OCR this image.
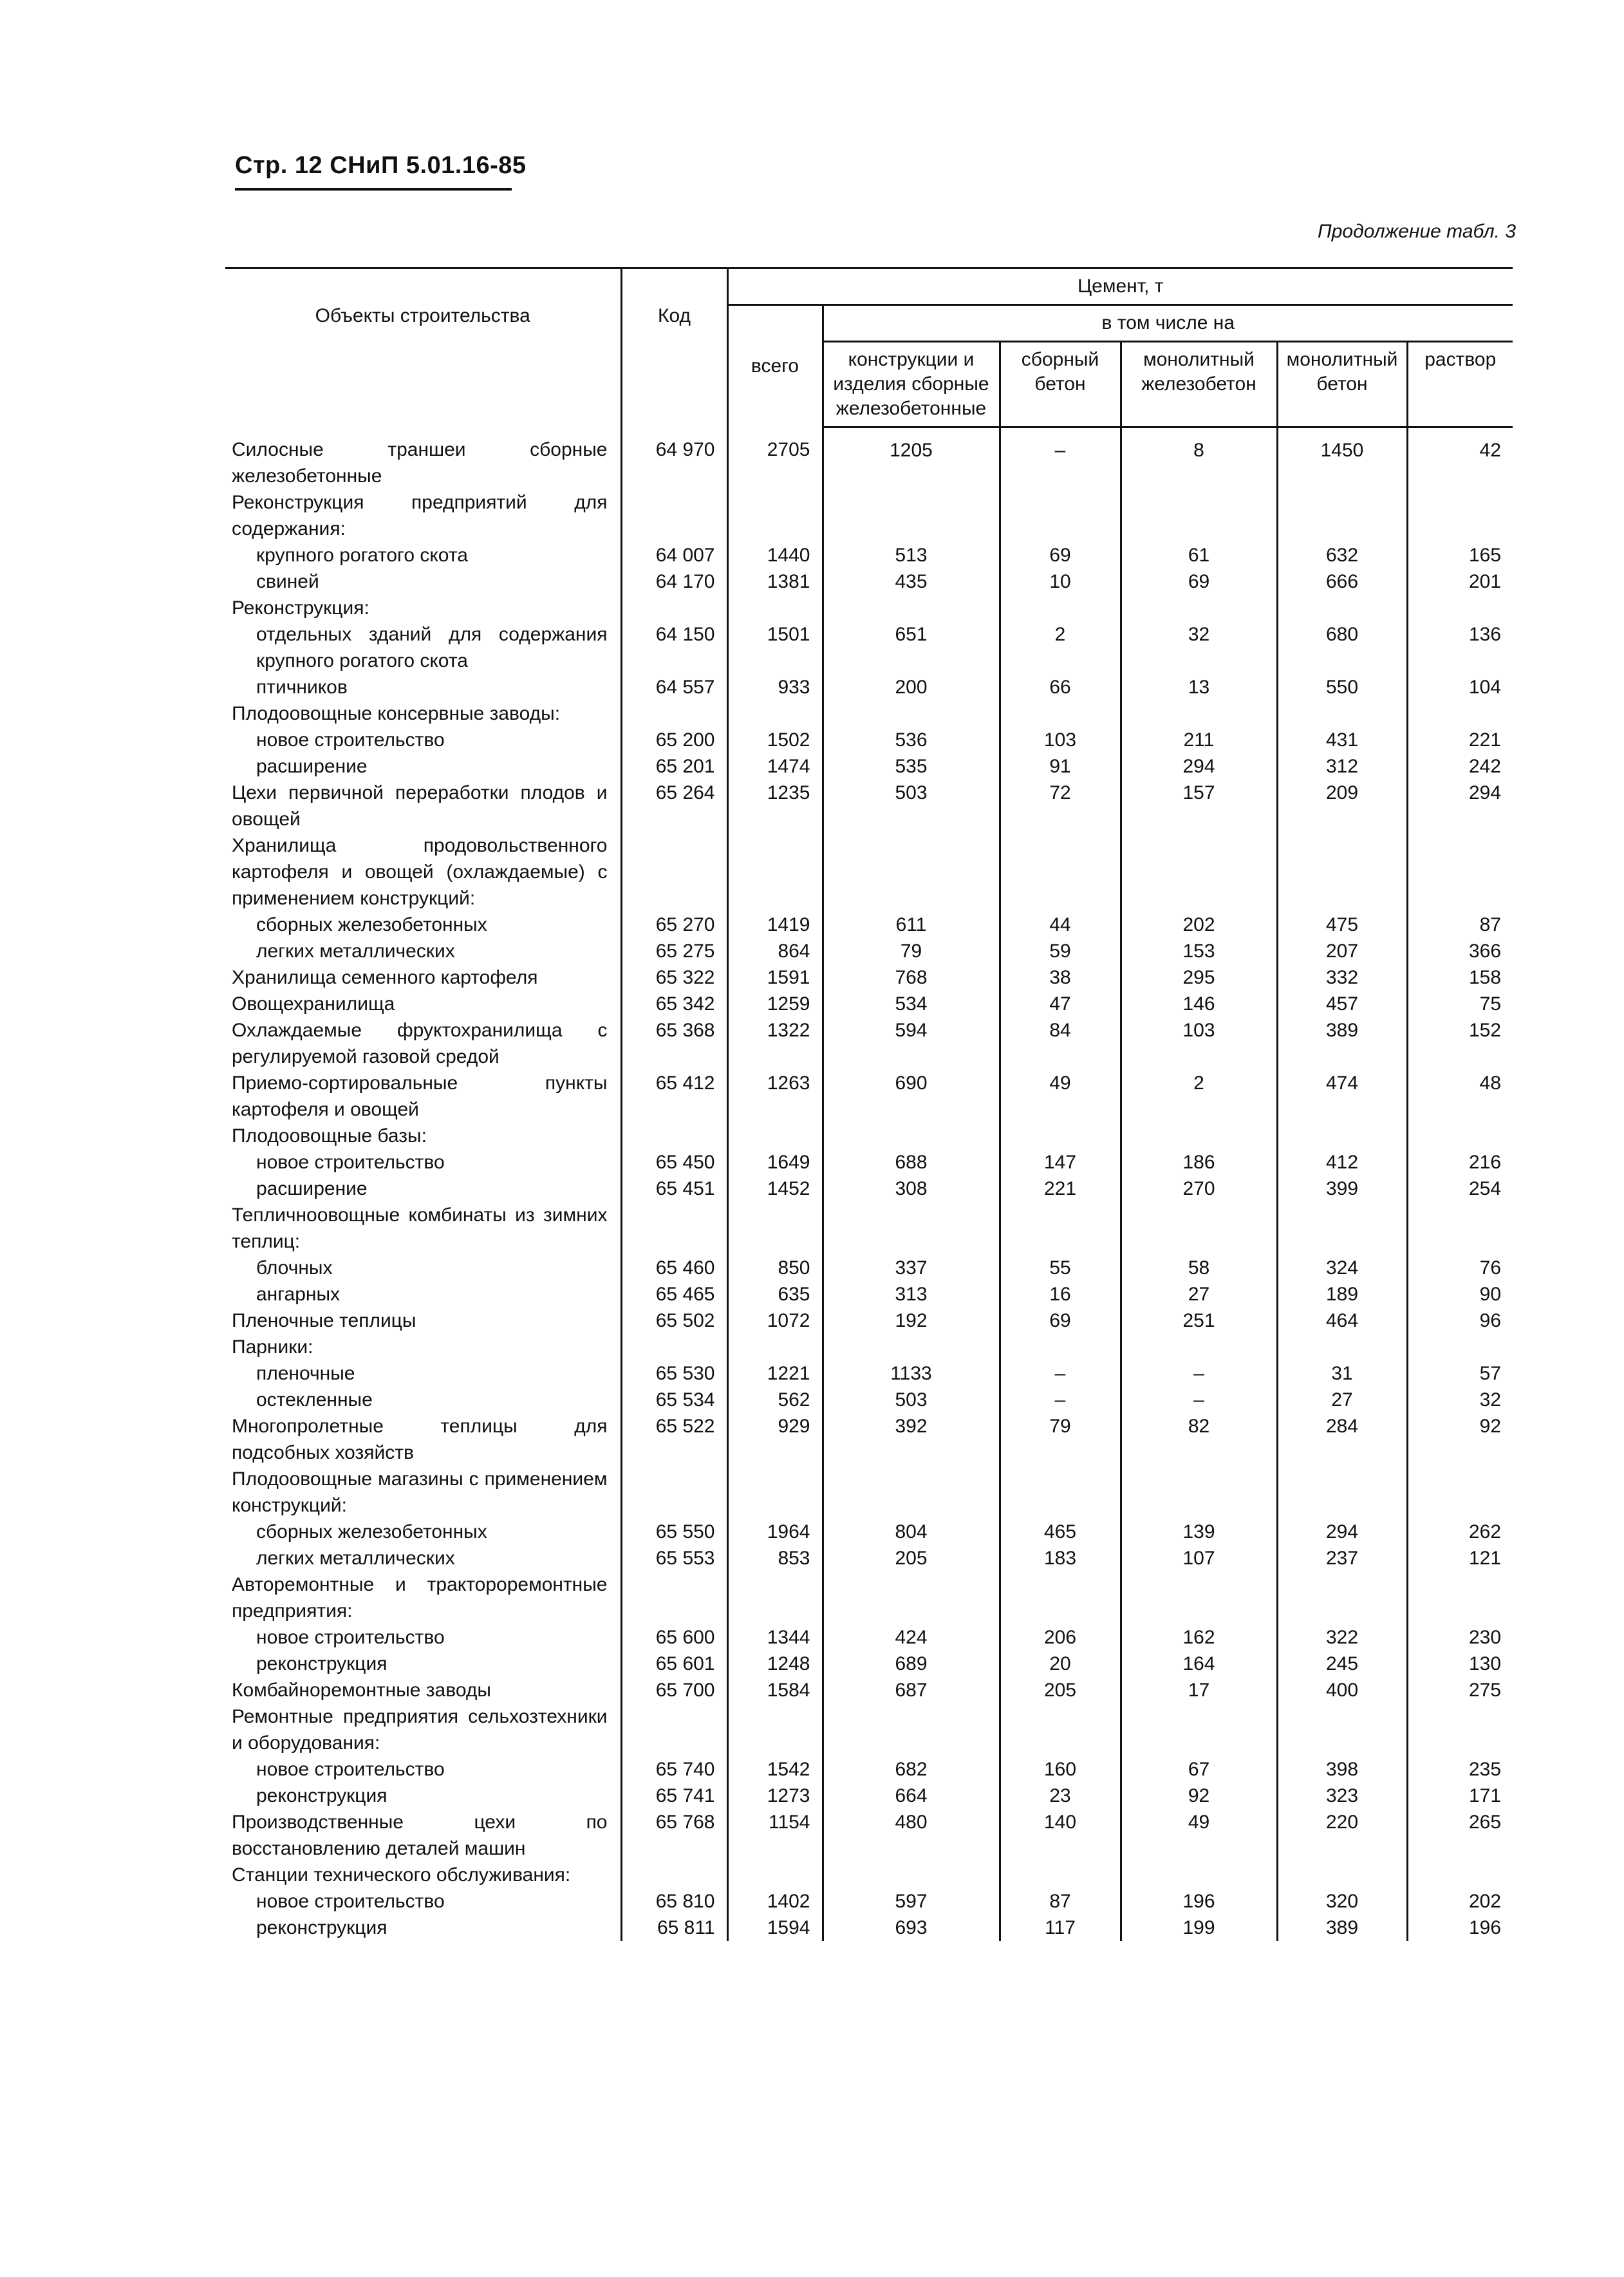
Стр. 12 СНиП 5.01.16-85
Продолжение табл. 3
Объекты строительства	Код	Цемент, т					
		всего	в том числе на				
			конструкции и изделия сборные железобетонные	сборный бетон	монолитный железобетон	монолитный бетон	раствор
Силосные траншеи сборные железобетонные	64 970	2705	1205	–	8	1450	42
Реконструкция предприятий для содержания:							
крупного рогатого скота	64 007	1440	513	69	61	632	165
свиней	64 170	1381	435	10	69	666	201
Реконструкция:							
отдельных зданий для содержания крупного рогатого скота	64 150	1501	651	2	32	680	136
птичников	64 557	933	200	66	13	550	104
Плодоовощные консервные заводы:							
новое строительство	65 200	1502	536	103	211	431	221
расширение	65 201	1474	535	91	294	312	242
Цехи первичной переработки плодов и овощей	65 264	1235	503	72	157	209	294
Хранилища продовольственного картофеля и овощей (охлаждаемые) с применением конструкций:							
сборных железобетонных	65 270	1419	611	44	202	475	87
легких металлических	65 275	864	79	59	153	207	366
Хранилища семенного картофеля	65 322	1591	768	38	295	332	158
Овощехранилища	65 342	1259	534	47	146	457	75
Охлаждаемые фруктохранилища с регулируемой газовой средой	65 368	1322	594	84	103	389	152
Приемо-сортировальные пункты картофеля и овощей	65 412	1263	690	49	2	474	48
Плодоовощные базы:							
новое строительство	65 450	1649	688	147	186	412	216
расширение	65 451	1452	308	221	270	399	254
Тепличноовощные комбинаты из зимних теплиц:							
блочных	65 460	850	337	55	58	324	76
ангарных	65 465	635	313	16	27	189	90
Пленочные теплицы	65 502	1072	192	69	251	464	96
Парники:							
пленочные	65 530	1221	1133	–	–	31	57
остекленные	65 534	562	503	–	–	27	32
Многопролетные теплицы для подсобных хозяйств	65 522	929	392	79	82	284	92
Плодоовощные магазины с применением конструкций:							
сборных железобетонных	65 550	1964	804	465	139	294	262
легких металлических	65 553	853	205	183	107	237	121
Авторемонтные и трактороремонтные предприятия:							
новое строительство	65 600	1344	424	206	162	322	230
реконструкция	65 601	1248	689	20	164	245	130
Комбайноремонтные заводы	65 700	1584	687	205	17	400	275
Ремонтные предприятия сельхозтехники и оборудования:							
новое строительство	65 740	1542	682	160	67	398	235
реконструкция	65 741	1273	664	23	92	323	171
Производственные цехи по восстановлению деталей машин	65 768	1154	480	140	49	220	265
Станции технического обслуживания:							
новое строительство	65 810	1402	597	87	196	320	202
реконструкция	65 811	1594	693	117	199	389	196
